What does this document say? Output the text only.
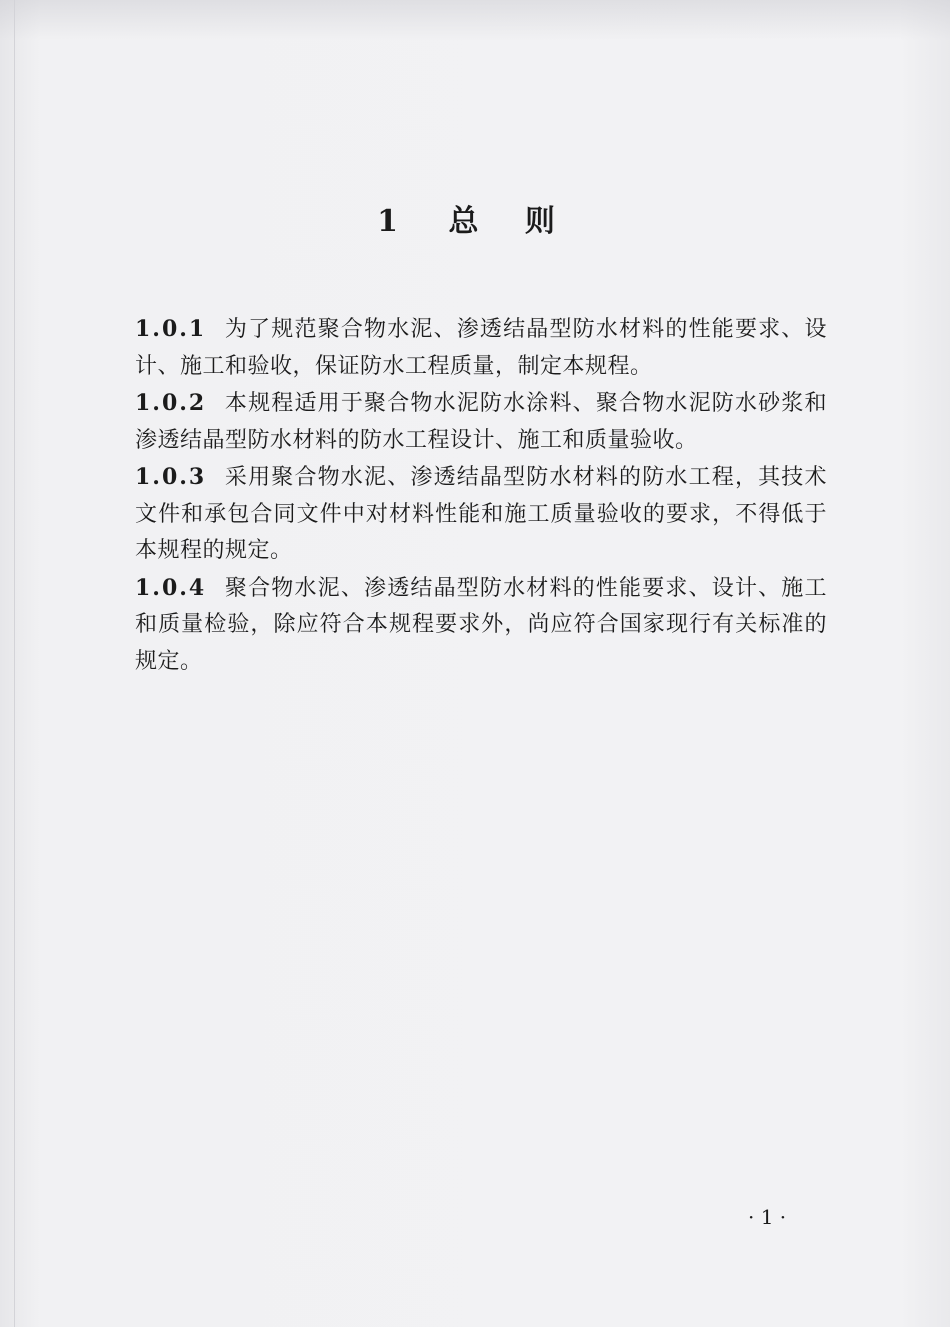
1 总 则

1.0.1 为了规范聚合物水泥、渗透结晶型防水材料的性能要求、设计、施工和验收，保证防水工程质量，制定本规程。

1.0.2 本规程适用于聚合物水泥防水涂料、聚合物水泥防水砂浆和渗透结晶型防水材料的防水工程设计、施工和质量验收。

1.0.3 采用聚合物水泥、渗透结晶型防水材料的防水工程，其技术文件和承包合同文件中对材料性能和施工质量验收的要求，不得低于本规程的规定。

1.0.4 聚合物水泥、渗透结晶型防水材料的性能要求、设计、施工和质量检验，除应符合本规程要求外，尚应符合国家现行有关标准的规定。

· 1 ·
